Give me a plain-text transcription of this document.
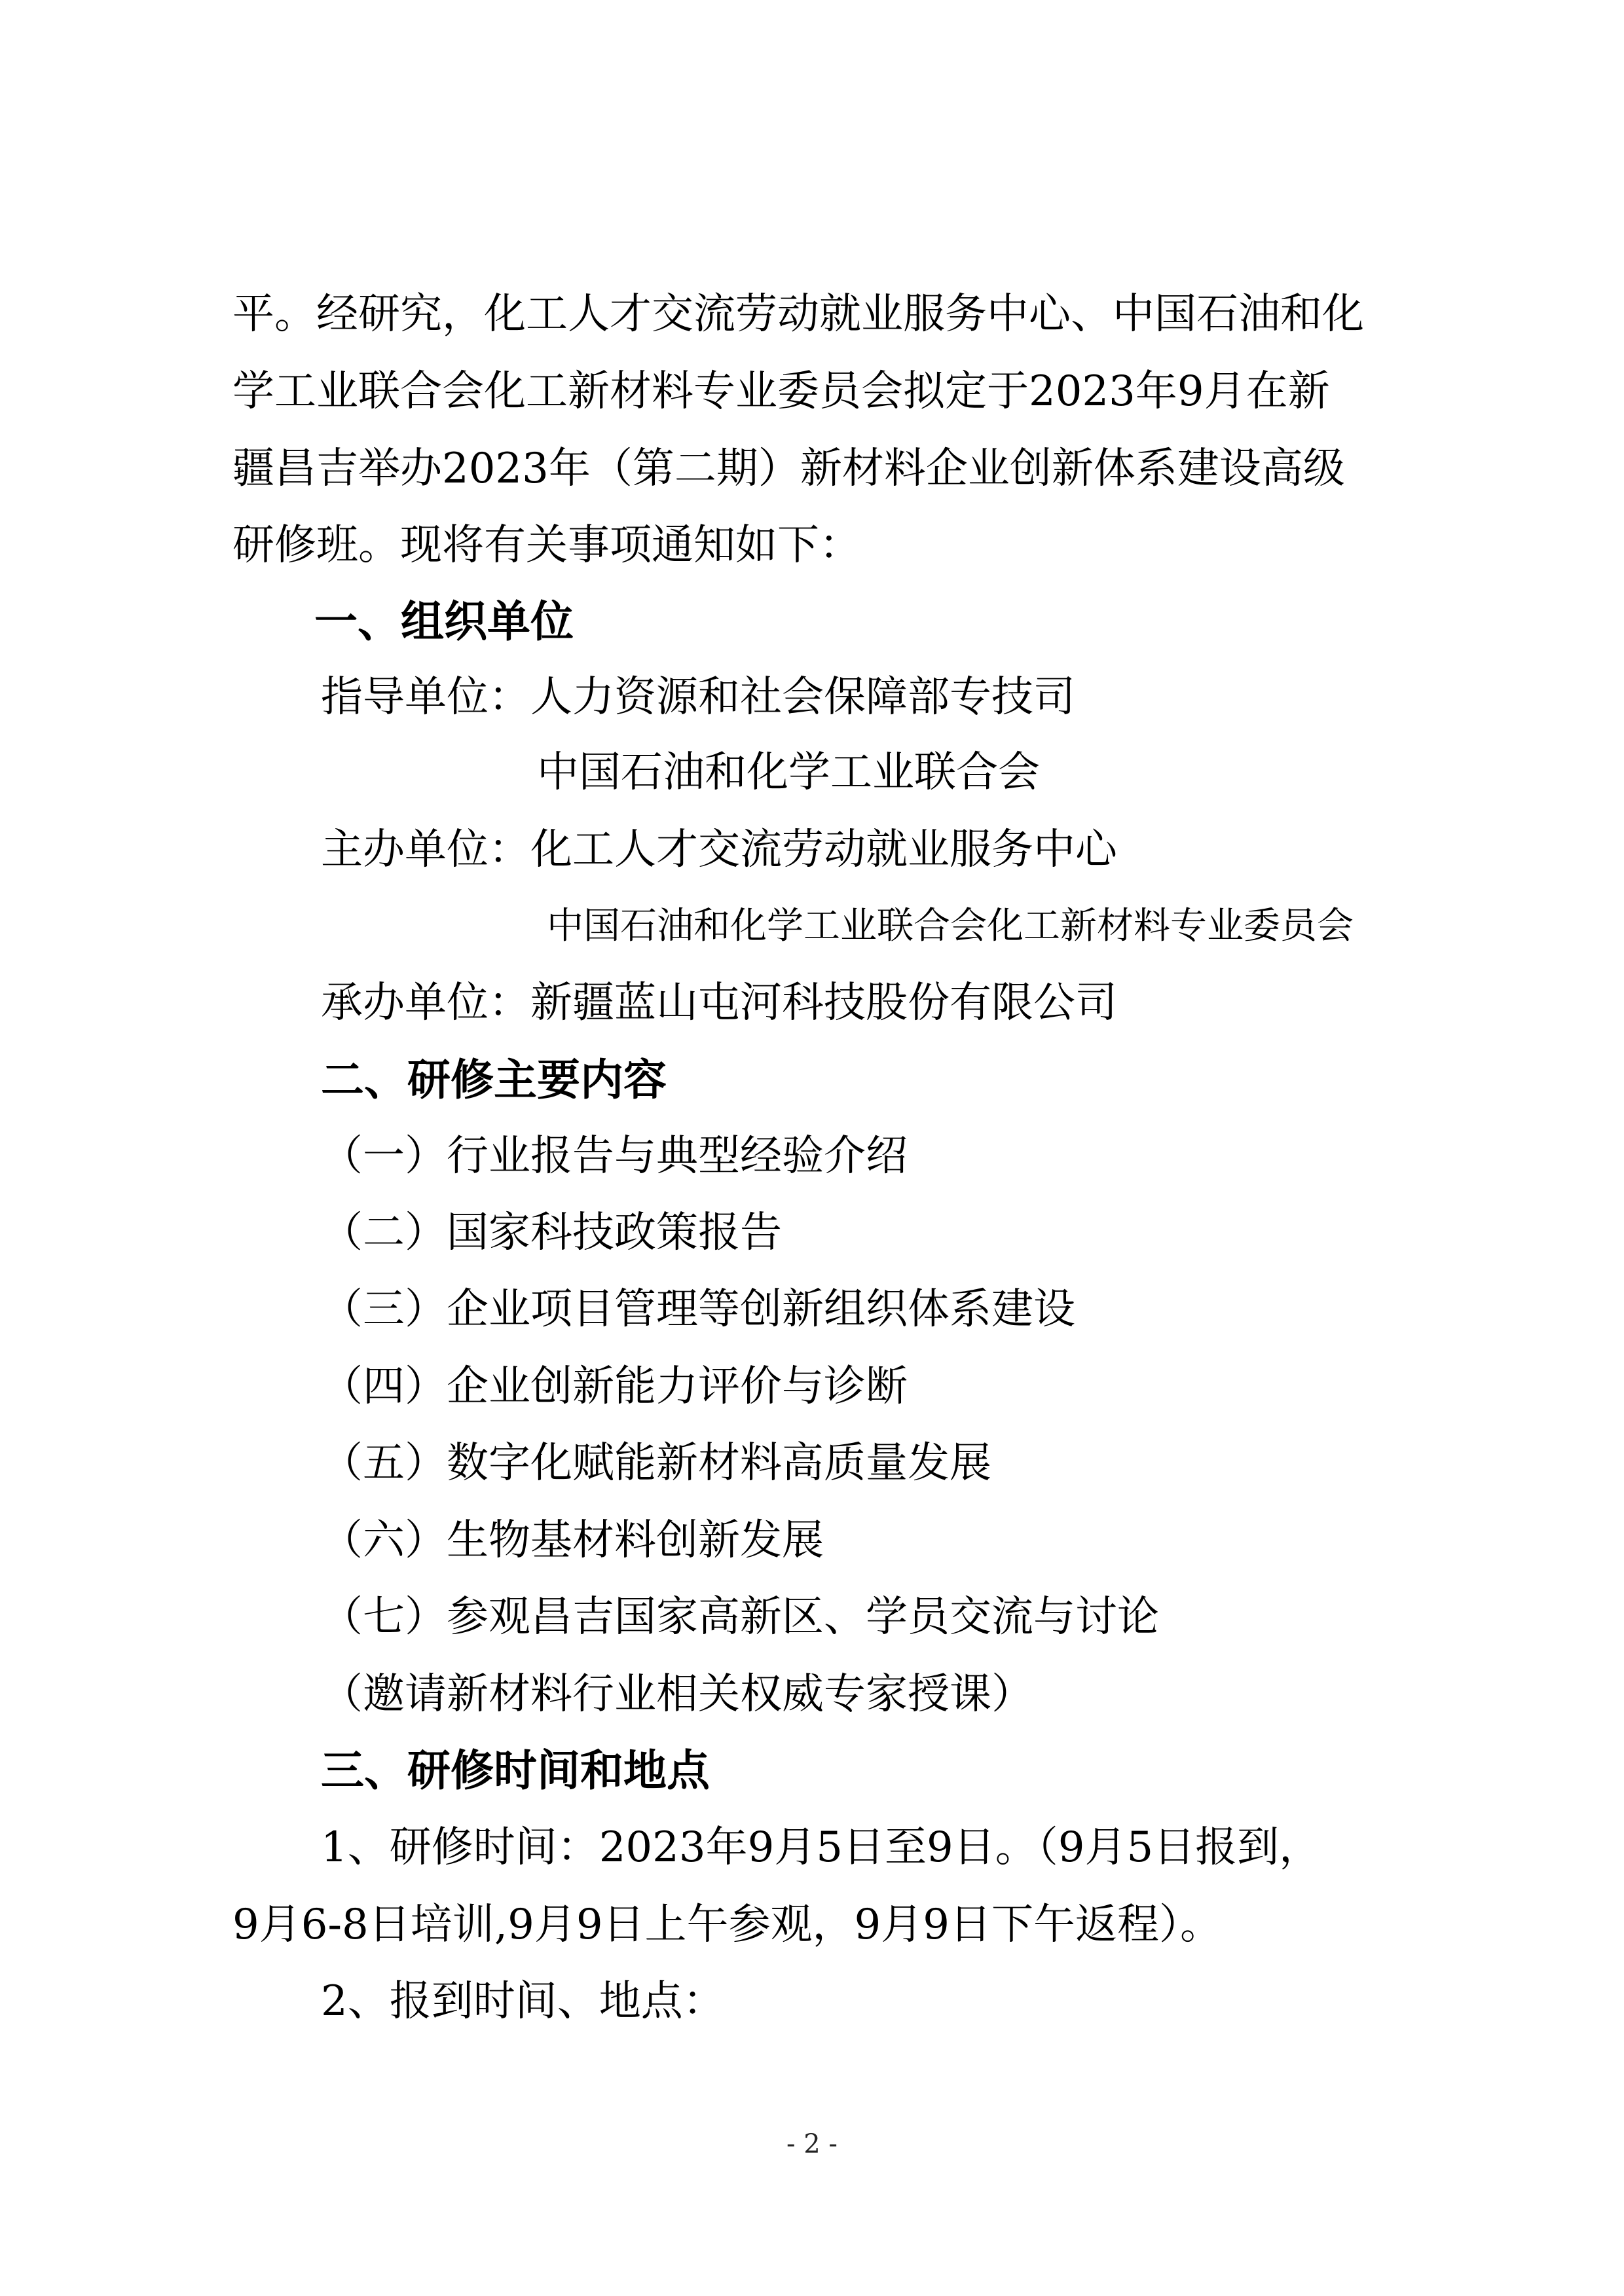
平。经研究，化工人才交流劳动就业服务中心、中国石油和化
学工业联合会化工新材料专业委员会拟定于2023年9月在新
疆昌吉举办2023年（第二期）新材料企业创新体系建设高级
研修班。现将有关事项通知如下：
一、组织单位
指导单位：人力资源和社会保障部专技司
中国石油和化学工业联合会
主办单位：化工人才交流劳动就业服务中心
中国石油和化学工业联合会化工新材料专业委员会
承办单位：新疆蓝山屯河科技股份有限公司
二、研修主要内容
（一）行业报告与典型经验介绍
（二）国家科技政策报告
（三）企业项目管理等创新组织体系建设
（四）企业创新能力评价与诊断
（五）数字化赋能新材料高质量发展
（六）生物基材料创新发展
（七）参观昌吉国家高新区、学员交流与讨论
（邀请新材料行业相关权威专家授课）
三、研修时间和地点
1、研修时间：2023年9月5日至9日。（9月5日报到，
9月6-8日培训,9月9日上午参观，9月9日下午返程）。
2、报到时间、地点：
- 2 -
